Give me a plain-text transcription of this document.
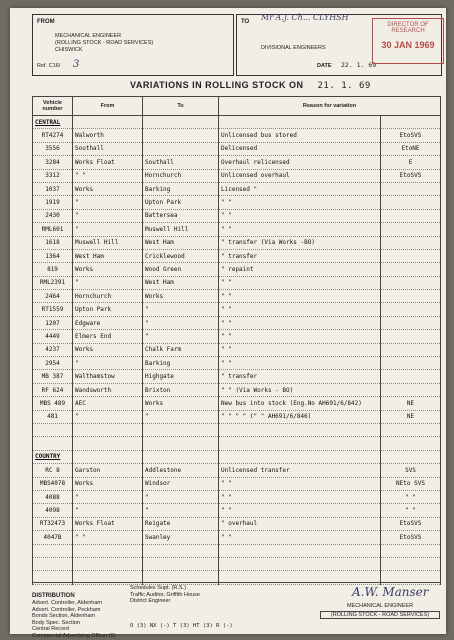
FROM
MECHANICAL ENGINEER
(ROLLING STOCK - ROAD SERVICES)
CHISWICK
Ref. C16/ 3
TO Mr A.J. Ch... CLYHSH
DIVISIONAL ENGINEERS
DATE 22. 1. 69
DIRECTOR OF
RESEARCH
30 JAN 1969
VARIATIONS IN ROLLING STOCK ON 21. 1. 69
Vehicle number	From	To	Reason for variation	
CENTRAL				
RT4274	Walworth		Unlicensed bus stored	EtoSVS
3556	Southall		Delicensed	EtoNE
3284	Works Float	Southall	Overhaul relicensed	E
3312	" "	Hornchurch	Unlicensed overhaul	EtoSVS
1037	Works	Barking	Licensed "	
1919	"	Upton Park	" "	
2430	"	Battersea	" "	
RML601	"	Muswell Hill	" "	
1618	Muswell Hill	West Ham	" transfer (Via Works -BO)	
1364	West Ham	Cricklewood	" transfer	
819	Works	Wood Green	" repaint	
RML2391	"	West Ham	" "	
2464	Hornchurch	Works	" "	
RT1559	Upton Park	"	" "	
1207	Edgware	"	" "	
4449	Elmers End	"	" "	
4237	Works	Chalk Farm	" "	
2954	"	Barking	" "	
MB 387	Walthamstow	Highgate	" transfer	
RF 624	Wandsworth	Brixton	" " (Via Works - BO)	
MBS 489	AEC	Works	New bus into stock (Eng.No AH691/6/842)	NE
481	"	"	" " " " (" " AH691/6/846)	NE

COUNTRY				
RC 8	Garston	Addlestone	Unlicensed transfer	SVS
MBS4078	Works	Windsor	" "	NEto SVS
4088	"	"	" "	" "
4098	"	"	" "	" "
RT32473	Works Float	Reigate	" overhaul	EtoSVS
4047B	" "	Swanley	" "	EtoSVS

DISTRIBUTION
Advert. Controller, Aldenham
Advert. Controller, Peckham
Bonds Section, Aldenham
Body Spec. Section
Central Record
Commercial Advertising Officer (6)
Schedules Supt. (R.S.)
Traffic Auditor, Griffith House
District Engineer
O (3) NX (-) T (3) HT (3) R (-)
A.W. Manser
MECHANICAL ENGINEER
(ROLLING STOCK - ROAD SERVICES)
